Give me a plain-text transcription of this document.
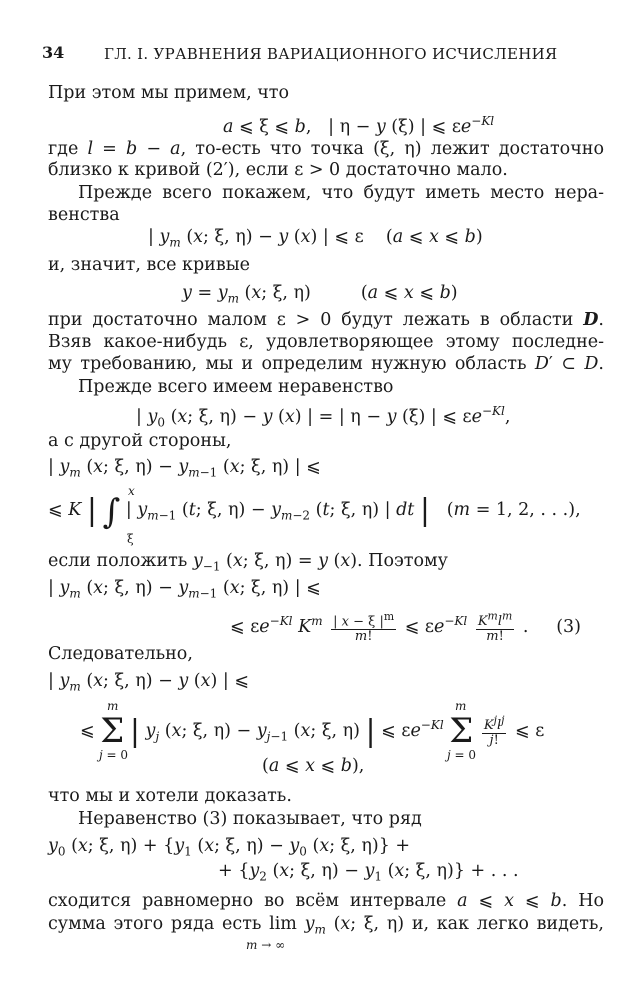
34	ГЛ. I. УРАВНЕНИЯ ВАРИАЦИОННОГО ИСЧИСЛЕНИЯ
При этом мы примем, что
a ⩽ ξ ⩽ b,   | η − y (ξ) | ⩽ $\varepsilon e^{-Kl}$
где l = b − a, то-есть что точка (ξ, η) лежит достаточно
близко к кривой (2′), если ε > 0 достаточно мало.
Прежде всего покажем, что будут иметь место нера-
венства
| $y_m$ (x; ξ, η) − y (x) | ⩽ ε    (a ⩽ x ⩽ b)
и, значит, все кривые
$y = y_m$ (x; ξ, η)         (a ⩽ x ⩽ b)
при достаточно малом ε > 0 будут лежать в области D.
Взяв какое-нибудь ε, удовлетворяющее этому последне-
му требованию, мы и определим нужную область D′ ⊂ D.
Прежде всего имеем неравенство
| $y_0$ (x; ξ, η) − y (x) | = | η − y (ξ) | ⩽ $\varepsilon e^{-Kl}$,
а с другой стороны,
| $y_m$ (x; ξ, $\eta) - y_{m-1}$ (x; ξ, η) | ⩽
⩽ K | ∫ | $y_{m-1}$ (t; ξ, $\eta) - y_{m-2}$ (t; ξ, η) | dt |   (m = 1, 2, . . .),
x
ξ
если положить $y_{-1}$ (x; ξ, η) = y (x). Поэтому
| $y_m$ (x; ξ, $\eta) - y_{m-1}$ (x; ξ, η) | ⩽
⩽ $\varepsilon e^{-Kl}$ $K^m \frac{| x - \xi |^m}{m!}$ ⩽ $\varepsilon e^{-Kl}$ $K^ml^m$
m!
.     (3)
Следовательно,
| $y_m$ (x; ξ, η) − y (x) | ⩽
⩽ Σ | $y_j$ (x; ξ, $\eta) - y_{j-1}$ (x; ξ, η) | ⩽ $\varepsilon e^{-Kl}$ Σ $K^jl^j$
j!
⩽ ε
m
j = 0
m
j = 0
(a ⩽ x ⩽ b),
что мы и хотели доказать.
Неравенство (3) показывает, что ряд
$y_0$ (x; ξ, $\eta) + \{y_1$ (x; ξ, $\eta) - y_0$ (x; ξ, η)} +
+ {$y_2$ (x; ξ, $\eta) - y_1$ (x; ξ, η)} + . . .
сходится равномерно во всём интервале a ⩽ x ⩽ b. Но
сумма этого ряда есть $\lim y_m$ (x; ξ, η) и, как легко видеть,
m → ∞
